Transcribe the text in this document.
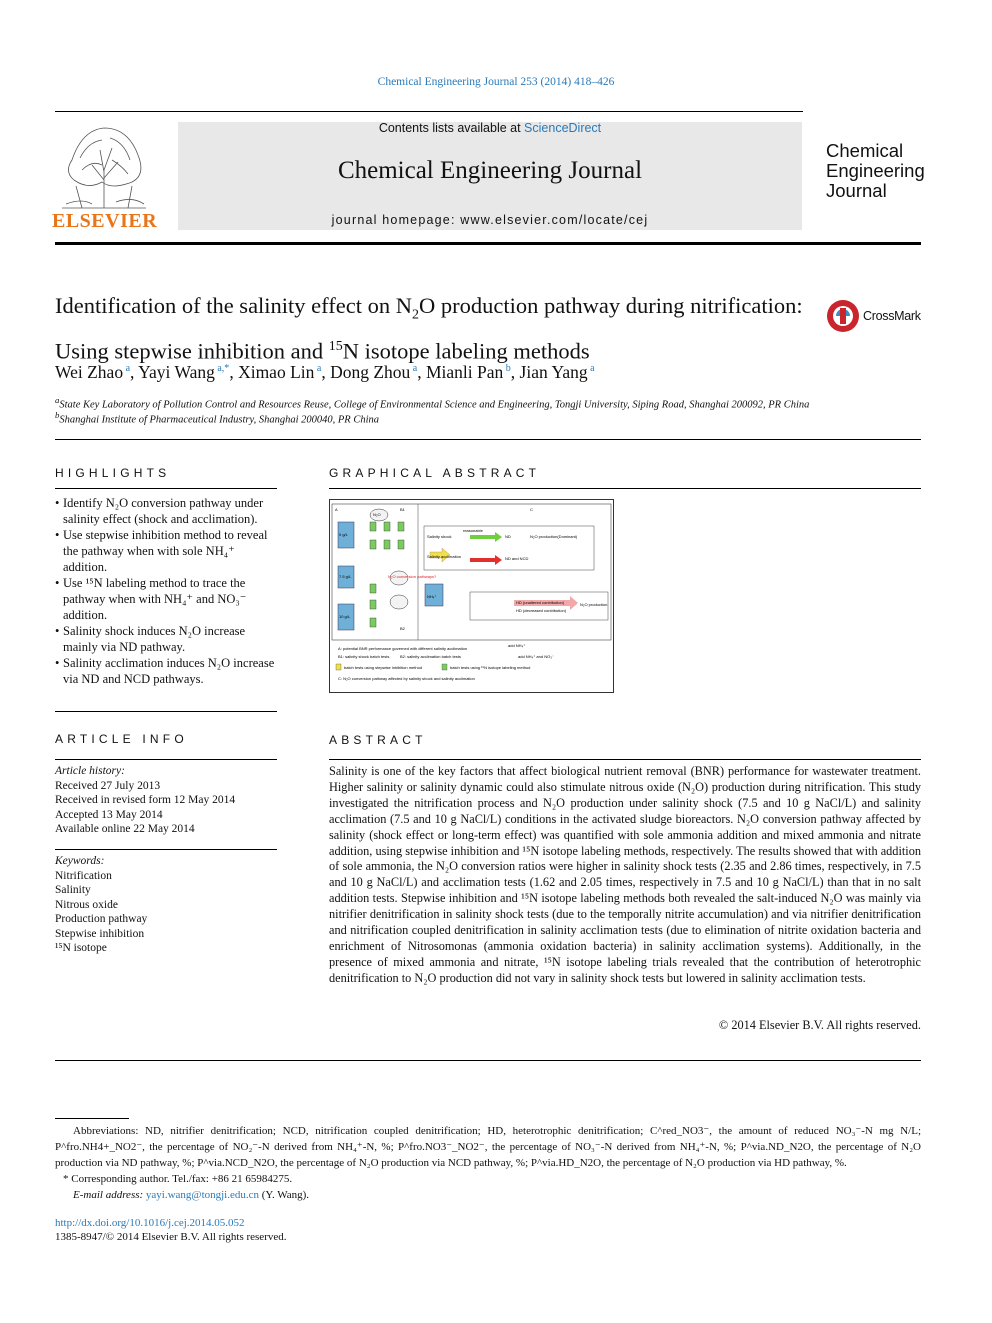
Chemical Engineering Journal 253 (2014) 418–426
ELSEVIER
Contents lists available at ScienceDirect
Chemical Engineering Journal
journal homepage: www.elsevier.com/locate/cej
Chemical
Engineering
Journal
Identification of the salinity effect on $N_2O$ production pathway during nitrification: Using stepwise inhibition and $^{15}$N isotope labeling methods
CrossMark
Wei Zhao $^a$, Yayi Wang $^{a,*}$, Ximao Lin $^a$, Dong Zhou $^a$, Mianli Pan $^b$, Jian Yang $^a$
$^a$State Key Laboratory of Pollution Control and Resources Reuse, College of Environmental Science and Engineering, Tongji University, Siping Road, Shanghai 200092, PR China
$^b$Shanghai Institute of Pharmaceutical Industry, Shanghai 200040, PR China
HIGHLIGHTS

• Identify N₂O conversion pathway under salinity effect (shock and acclimation).

• Use stepwise inhibition method to reveal the pathway when with sole NH₄⁺ addition.

• Use ¹⁵N labeling method to trace the pathway when with NH₄⁺ and NO₃⁻ addition.

• Salinity shock induces N₂O increase mainly via ND pathway.

• Salinity acclimation induces N₂O increase via ND and NCD pathways.

GRAPHICAL ABSTRACT
A	B1	C
B2
N₂O
0 g/L
7.5 g/L
10 g/L
Salinity shock
Salinity acclimation
reasonable
ND
ND and NCD
N₂O production(Dominant)
HD (unaltered contribution)
HD (decreased contribution)
N₂O production
NH₄⁺
N₂O conversion pathways?
A: potential BNR performance governed with different salinity acclimation
B1: salinity shock batch tests	B2: salinity acclimation batch tests
batch tests using stepwise inhibition method	batch tests using ¹⁵N isotope labeling method
C: N₂O conversion pathway affected by salinity shock and salinity acclimation
add NH₄⁺
add NH₄⁺ and NO₃⁻
ARTICLE INFO
Article history:
Received 27 July 2013
Received in revised form 12 May 2014
Accepted 13 May 2014
Available online 22 May 2014
Keywords:
Nitrification
Salinity
Nitrous oxide
Production pathway
Stepwise inhibition
¹⁵N isotope
ABSTRACT
Salinity is one of the key factors that affect biological nutrient removal (BNR) performance for wastewater treatment. Higher salinity or salinity dynamic could also stimulate nitrous oxide (N₂O) production during nitrification. This study investigated the nitrification process and N₂O production under salinity shock (7.5 and 10 g NaCl/L) and salinity acclimation (7.5 and 10 g NaCl/L) conditions in the activated sludge bioreactors. N₂O conversion pathway affected by salinity (shock effect or long-term effect) was quantified with sole ammonia addition and mixed ammonia and nitrate addition, using stepwise inhibition and ¹⁵N isotope labeling methods, respectively. The results showed that with addition of sole ammonia, the N₂O conversion ratios were higher in salinity shock tests (2.35 and 2.86 times, respectively, in 7.5 and 10 g NaCl/L) and acclimation tests (1.62 and 2.05 times, respectively in 7.5 and 10 g NaCl/L) than that in no salt addition tests. Stepwise inhibition and ¹⁵N isotope labeling methods both revealed the salt-induced N₂O was mainly via nitrifier denitrification in salinity shock tests (due to the temporally nitrite accumulation) and via nitrifier denitrification and nitrification coupled denitrification in salinity acclimation tests (due to elimination of nitrite oxidation bacteria and enrichment of Nitrosomonas (ammonia oxidation bacteria) in salinity acclimation systems). Additionally, in the presence of mixed ammonia and nitrate, ¹⁵N isotope labeling trials revealed that the contribution of heterotrophic denitrification to N₂O production did not vary in salinity shock tests but lowered in salinity acclimation tests.
© 2014 Elsevier B.V. All rights reserved.
Abbreviations: ND, nitrifier denitrification; NCD, nitrification coupled denitrification; HD, heterotrophic denitrification; C^red_NO3⁻, the amount of reduced NO₃⁻-N mg N/L; P^fro.NH4+_NO2⁻, the percentage of NO₂⁻-N derived from NH₄⁺-N, %; P^fro.NO3⁻_NO2⁻, the percentage of NO₃⁻-N derived from NH₄⁺-N, %; P^via.ND_N2O, the percentage of N₂O production via ND pathway, %; P^via.NCD_N2O, the percentage of N₂O production via NCD pathway, %; P^via.HD_N2O, the percentage of N₂O production via HD pathway, %.
* Corresponding author. Tel./fax: +86 21 65984275.
E-mail address: yayi.wang@tongji.edu.cn (Y. Wang).
http://dx.doi.org/10.1016/j.cej.2014.05.052
1385-8947/© 2014 Elsevier B.V. All rights reserved.
